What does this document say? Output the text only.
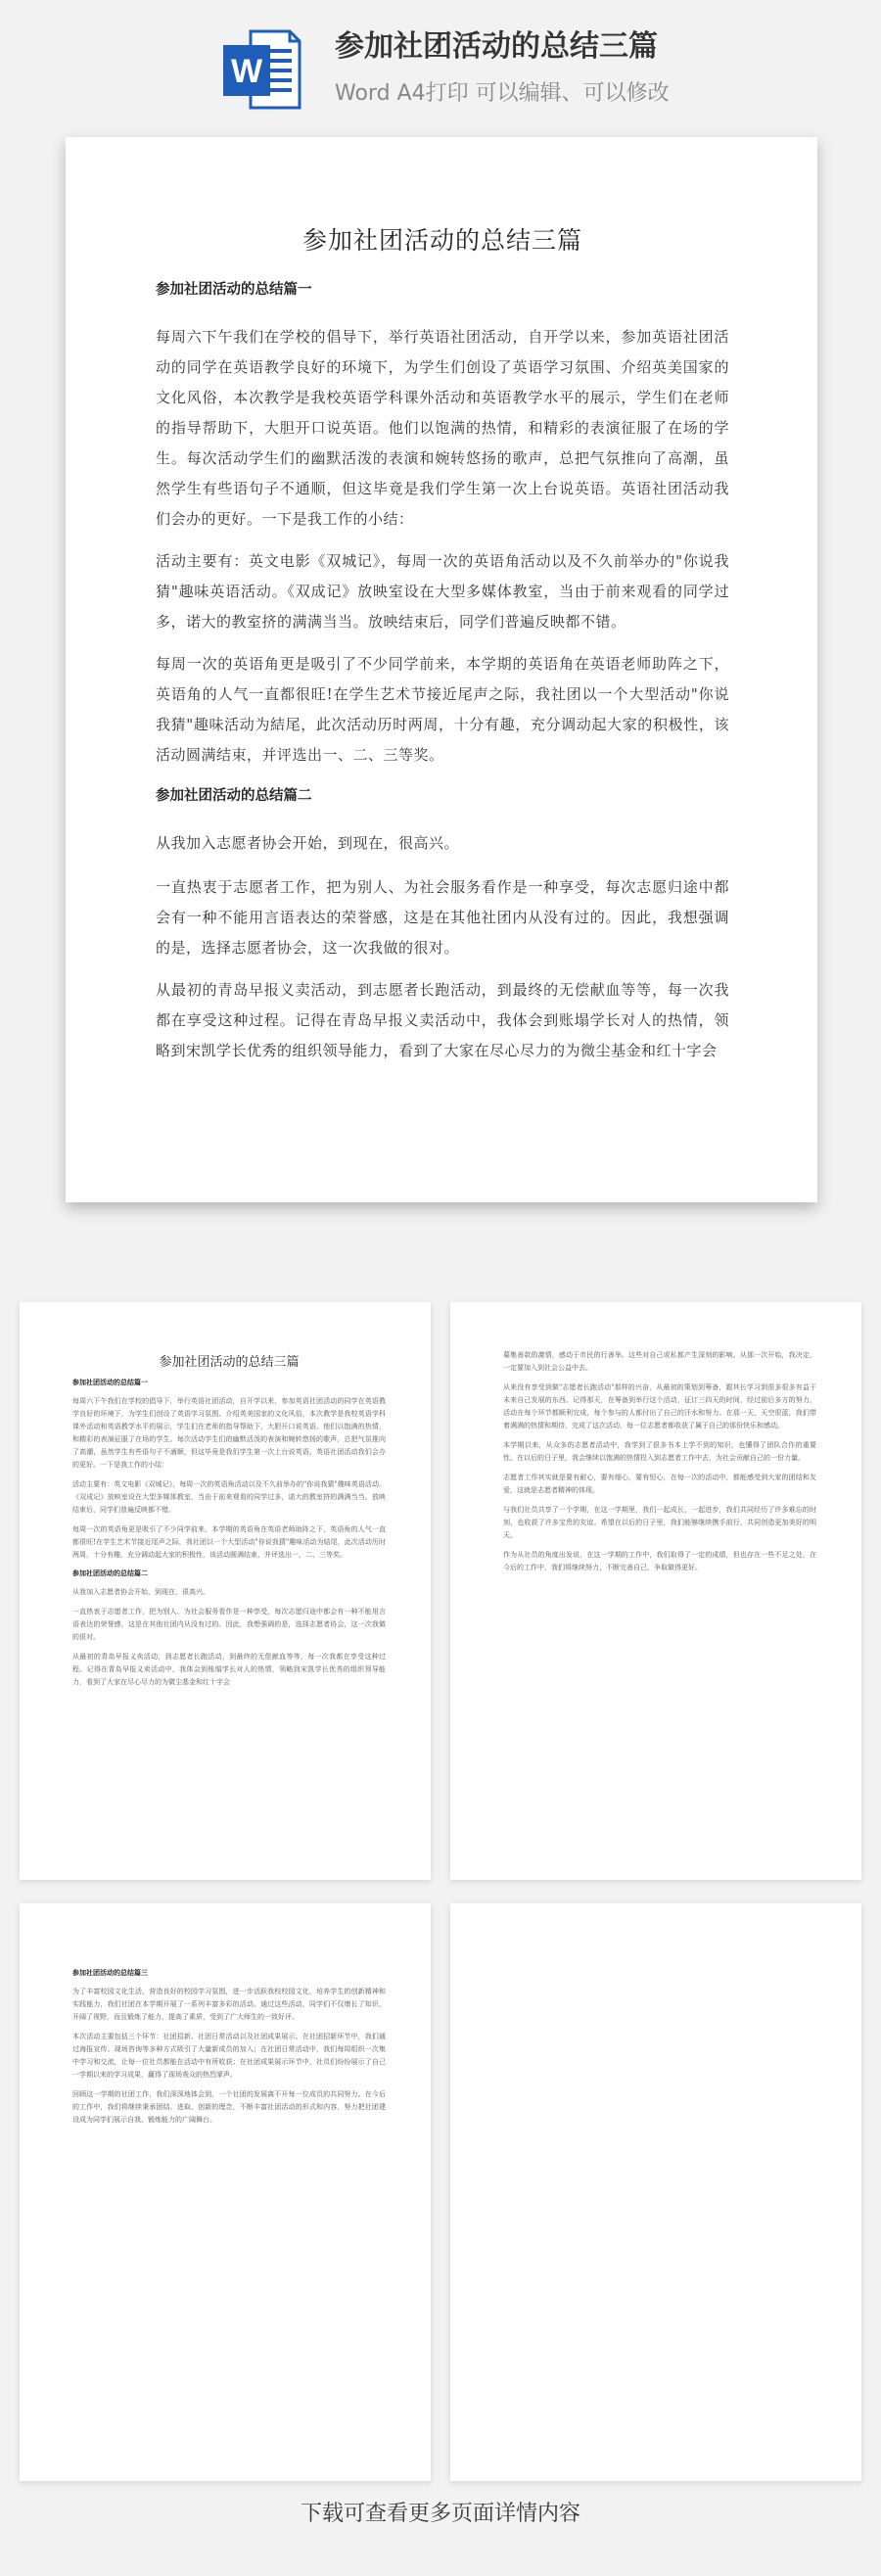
W
参加社团活动的总结三篇
Word A4打印 可以编辑、可以修改
参加社团活动的总结三篇
参加社团活动的总结篇一

每周六下午我们在学校的倡导下，举行英语社团活动，自开学以来，参加英语社团活动的同学在英语教学良好的环境下，为学生们创设了英语学习氛围、介绍英美国家的文化风俗，本次教学是我校英语学科课外活动和英语教学水平的展示，学生们在老师的指导帮助下，大胆开口说英语。他们以饱满的热情，和精彩的表演征服了在场的学生。每次活动学生们的幽默活泼的表演和婉转悠扬的歌声，总把气氛推向了高潮，虽然学生有些语句子不通顺，但这毕竟是我们学生第一次上台说英语。英语社团活动我们会办的更好。一下是我工作的小结：

活动主要有：英文电影《双城记》，每周一次的英语角活动以及不久前举办的"你说我猜"趣味英语活动。《双成记》放映室设在大型多媒体教室，当由于前来观看的同学过多，诺大的教室挤的满满当当。放映结束后，同学们普遍反映都不错。

每周一次的英语角更是吸引了不少同学前来，本学期的英语角在英语老师助阵之下，英语角的人气一直都很旺!在学生艺术节接近尾声之际，我社团以一个大型活动"你说我猜"趣味活动为結尾，此次活动历时两周，十分有趣，充分调动起大家的积极性，该活动圆满结束，并评选出一、二、三等奖。

参加社团活动的总结篇二

从我加入志愿者协会开始，到现在，很高兴。

一直热衷于志愿者工作，把为别人、为社会服务看作是一种享受，每次志愿归途中都会有一种不能用言语表达的荣誉感，这是在其他社团内从没有过的。因此，我想强调的是，选择志愿者协会，这一次我做的很对。

从最初的青岛早报义卖活动，到志愿者长跑活动，到最终的无偿献血等等，每一次我都在享受这种过程。记得在青岛早报义卖活动中，我体会到账塌学长对人的热情，领略到宋凯学长优秀的组织领导能力，看到了大家在尽心尽力的为微尘基金和红十字会

参加社团活动的总结三篇
参加社团活动的总结篇一

每周六下午我们在学校的倡导下，举行英语社团活动，自开学以来，参加英语社团活动的同学在英语教学良好的环境下，为学生们创设了英语学习氛围、介绍英美国家的文化风俗，本次教学是我校英语学科课外活动和英语教学水平的展示，学生们在老师的指导帮助下，大胆开口说英语。他们以饱满的热情，和精彩的表演征服了在场的学生。每次活动学生们的幽默活泼的表演和婉转悠扬的歌声，总把气氛推向了高潮，虽然学生有些语句子不通顺，但这毕竟是我们学生第一次上台说英语。英语社团活动我们会办的更好。一下是我工作的小结：

活动主要有：英文电影《双城记》，每周一次的英语角活动以及不久前举办的"你说我猜"趣味英语活动。《双成记》放映室设在大型多媒体教室，当由于前来观看的同学过多，诺大的教室挤的满满当当。放映结束后，同学们普遍反映都不错。

每周一次的英语角更是吸引了不少同学前来，本学期的英语角在英语老师助阵之下，英语角的人气一直都很旺!在学生艺术节接近尾声之际，我社团以一个大型活动"你说我猜"趣味活动为結尾，此次活动历时两周，十分有趣，充分调动起大家的积极性，该活动圆满结束，并评选出一、二、三等奖。

参加社团活动的总结篇二

从我加入志愿者协会开始，到现在，很高兴。

一直热衷于志愿者工作，把为别人、为社会服务看作是一种享受，每次志愿归途中都会有一种不能用言语表达的荣誉感，这是在其他社团内从没有过的。因此，我想强调的是，选择志愿者协会，这一次我做的很对。

从最初的青岛早报义卖活动，到志愿者长跑活动，到最终的无偿献血等等，每一次我都在享受这种过程。记得在青岛早报义卖活动中，我体会到账塌学长对人的热情，领略到宋凯学长优秀的组织领导能力，看到了大家在尽心尽力的为微尘基金和红十字会

募集善款的激情，感动于市民的行善举。这些对自己或私都产生深刻的影响。从那一次开始，我决定，一定要加入到社会公益中去。

从来没有享受到做"志愿者长跑活动"那样的兴奋，从最初的策划到筹备，跟其长学习到很多很多有益于未来自己发展的东西。记得那天，在筹备到举行这个活动，征订三四天的时间，经过前后多方的努力，活动在每个环节都顺利完成，每个参与的人都付出了自己的汗水和努力。在那一天，天空很蓝，我们带着满满的热情和期待，完成了这次活动，每一位志愿者都收获了属于自己的那份快乐和感动。

本学期以来，从众多的志愿者活动中，我学到了很多书本上学不到的知识，也懂得了团队合作的重要性。在以后的日子里，我会继续以饱满的热情投入到志愿者工作中去，为社会贡献自己的一份力量。

志愿者工作其实就是要有耐心，要有细心，要有恒心，在每一次的活动中，都能感受到大家的团结和友爱，这就是志愿者精神的体现。

与我们社员共享了一个学期，在这一学期里，我们一起成长，一起进步，我们共同经历了许多难忘的时刻，也收获了许多宝贵的友谊。希望在以后的日子里，我们能够继续携手前行，共同创造更加美好的明天。

作为从社员的角度出发说，在这一学期的工作中，我们取得了一定的成绩，但也存在一些不足之处，在今后的工作中，我们将继续努力，不断完善自己，争取做得更好。

参加社团活动的总结篇三

为了丰富校园文化生活，营造良好的校园学习氛围，进一步活跃我校校园文化，培养学生的创新精神和实践能力，我们社团在本学期开展了一系列丰富多彩的活动。通过这些活动，同学们不仅增长了知识，开阔了视野，而且锻炼了能力，提高了素质，受到了广大师生的一致好评。

本次活动主要包括三个环节：社团招新、社团日常活动以及社团成果展示。在社团招新环节中，我们通过海报宣传、现场咨询等多种方式吸引了大量新成员的加入；在社团日常活动中，我们每周组织一次集中学习和交流，让每一位社员都能在活动中有所收获；在社团成果展示环节中，社员们纷纷展示了自己一学期以来的学习成果，赢得了现场观众的热烈掌声。

回顾这一学期的社团工作，我们深深地体会到，一个社团的发展离不开每一位成员的共同努力。在今后的工作中，我们将继续秉承团结、进取、创新的理念，不断丰富社团活动的形式和内容，努力把社团建设成为同学们展示自我、锻炼能力的广阔舞台。

下载可查看更多页面详情内容
